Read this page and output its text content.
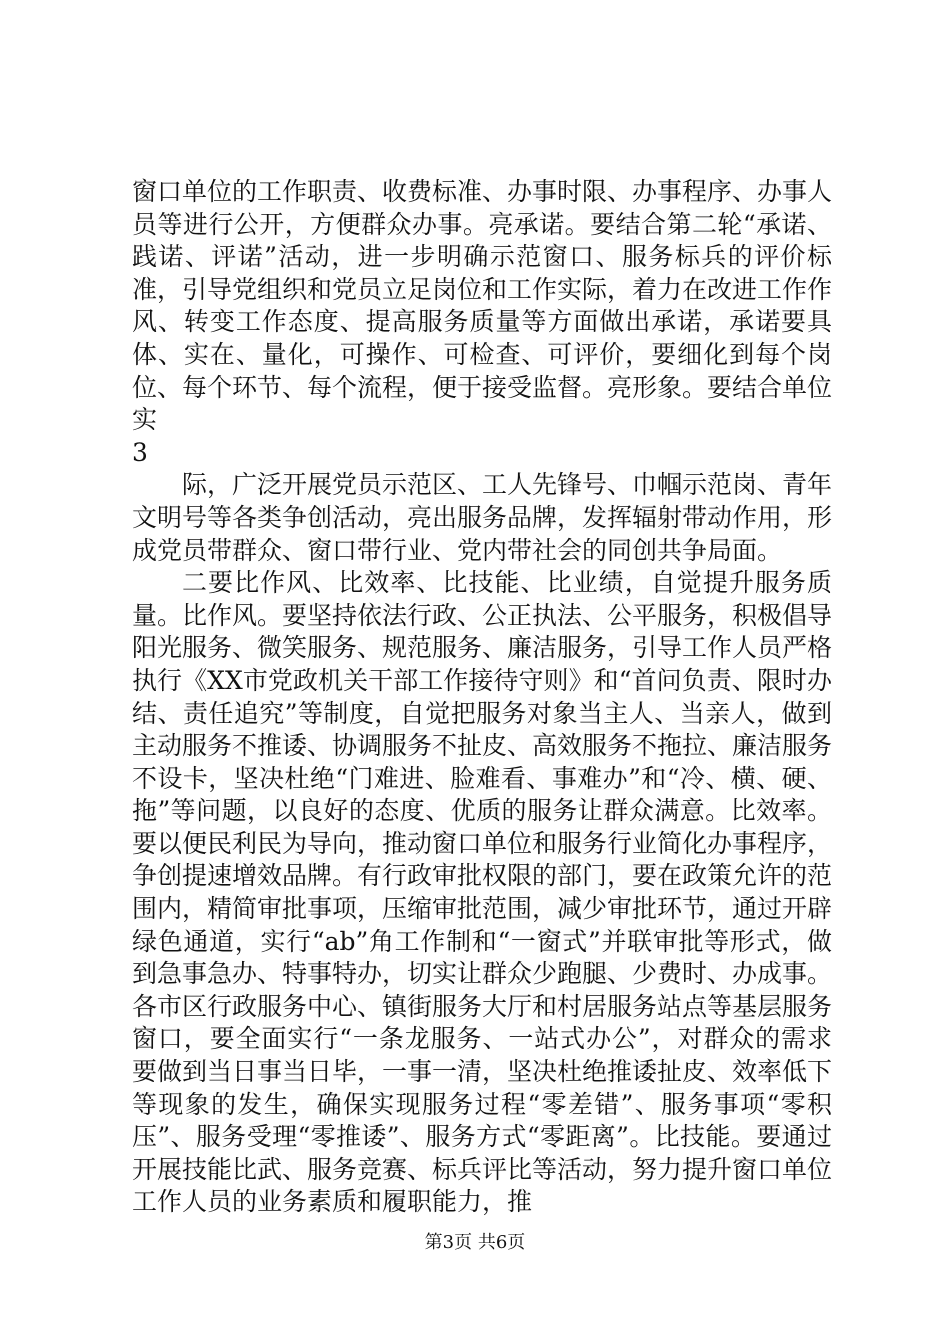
窗口单位的工作职责、收费标准、办事时限、办事程序、办事人员等进行公开，方便群众办事。亮承诺。要结合第二轮“承诺、践诺、评诺”活动，进一步明确示范窗口、服务标兵的评价标准，引导党组织和党员立足岗位和工作实际，着力在改进工作作风、转变工作态度、提高服务质量等方面做出承诺，承诺要具体、实在、量化，可操作、可检查、可评价，要细化到每个岗位、每个环节、每个流程，便于接受监督。亮形象。要结合单位实

3

际，广泛开展党员示范区、工人先锋号、巾帼示范岗、青年文明号等各类争创活动，亮出服务品牌，发挥辐射带动作用，形成党员带群众、窗口带行业、党内带社会的同创共争局面。

二要比作风、比效率、比技能、比业绩，自觉提升服务质量。比作风。要坚持依法行政、公正执法、公平服务，积极倡导阳光服务、微笑服务、规范服务、廉洁服务，引导工作人员严格执行《XX市党政机关干部工作接待守则》和“首问负责、限时办结、责任追究”等制度，自觉把服务对象当主人、当亲人，做到主动服务不推诿、协调服务不扯皮、高效服务不拖拉、廉洁服务不设卡，坚决杜绝“门难进、脸难看、事难办”和“冷、横、硬、拖”等问题，以良好的态度、优质的服务让群众满意。比效率。要以便民利民为导向，推动窗口单位和服务行业简化办事程序，争创提速增效品牌。有行政审批权限的部门，要在政策允许的范围内，精简审批事项，压缩审批范围，减少审批环节，通过开辟绿色通道，实行“ab”角工作制和“一窗式”并联审批等形式，做到急事急办、特事特办，切实让群众少跑腿、少费时、办成事。各市区行政服务中心、镇街服务大厅和村居服务站点等基层服务窗口，要全面实行“一条龙服务、一站式办公”，对群众的需求要做到当日事当日毕，一事一清，坚决杜绝推诿扯皮、效率低下等现象的发生，确保实现服务过程“零差错”、服务事项“零积压”、服务受理“零推诿”、服务方式“零距离”。比技能。要通过开展技能比武、服务竞赛、标兵评比等活动，努力提升窗口单位工作人员的业务素质和履职能力，推

第3页 共6页
